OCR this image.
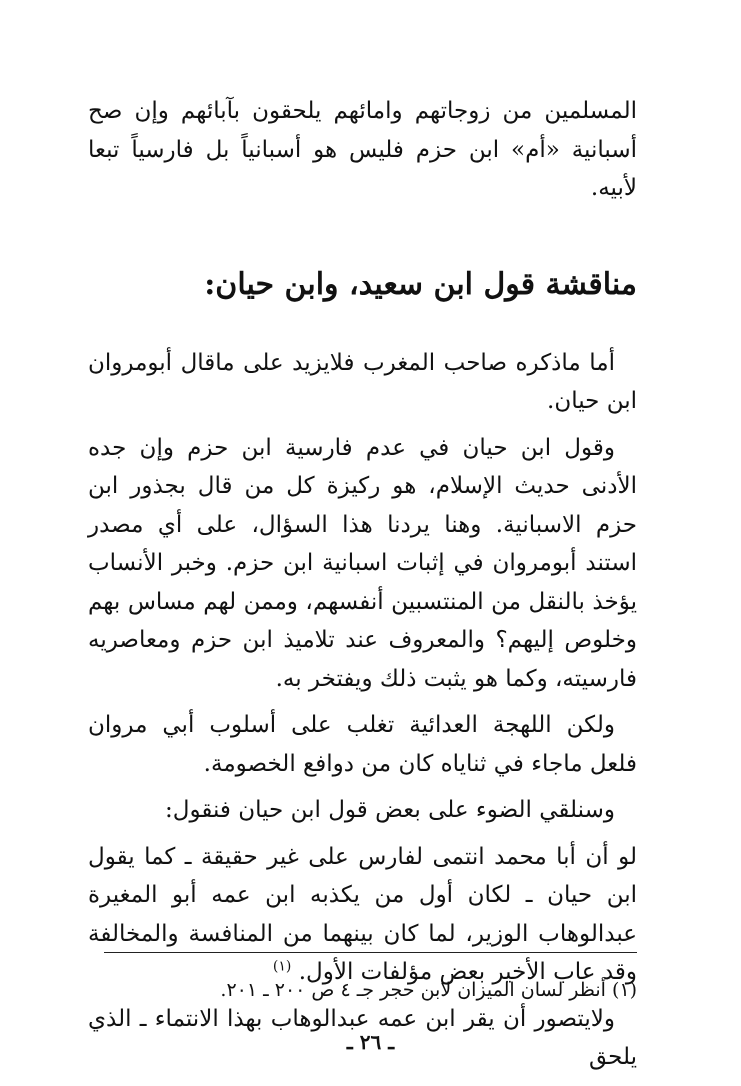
المسلمين من زوجاتهم وامائهم يلحقون بآبائهم وإن صح أسبانية «أم» ابن حزم فليس هو أسبانياً بل فارسياً تبعا لأبيه.

مناقشة قول ابن سعيد، وابن حيان:

أما ماذكره صاحب المغرب فلايزيد على ماقال أبومروان ابن حيان.

وقول ابن حيان في عدم فارسية ابن حزم وإن جده الأدنى حديث الإسلام، هو ركيزة كل من قال بجذور ابن حزم الاسبانية. وهنا يردنا هذا السؤال، على أي مصدر استند أبومروان في إثبات اسبانية ابن حزم. وخبر الأنساب يؤخذ بالنقل من المنتسبين أنفسهم، وممن لهم مساس بهم وخلوص إليهم؟ والمعروف عند تلاميذ ابن حزم ومعاصريه فارسيته، وكما هو يثبت ذلك ويفتخر به.

ولكن اللهجة العدائية تغلب على أسلوب أبي مروان فلعل ماجاء في ثناياه كان من دوافع الخصومة.

وسنلقي الضوء على بعض قول ابن حيان فنقول:

لو أن أبا محمد انتمى لفارس على غير حقيقة ـ كما يقول ابن حيان ـ لكان أول من يكذبه ابن عمه أبو المغيرة عبدالوهاب الوزير، لما كان بينهما من المنافسة والمخالفة وقد عاب الأخير بعض مؤلفات الأول. $^{(١)}$

ولايتصور أن يقر ابن عمه عبدالوهاب بهذا الانتماء ـ الذي يلحق

(١) أنظر لسان الميزان لابن حجر جـ ٤ ص ٢٠٠ ـ ٢٠١.

ـ ٢٦ ـ
